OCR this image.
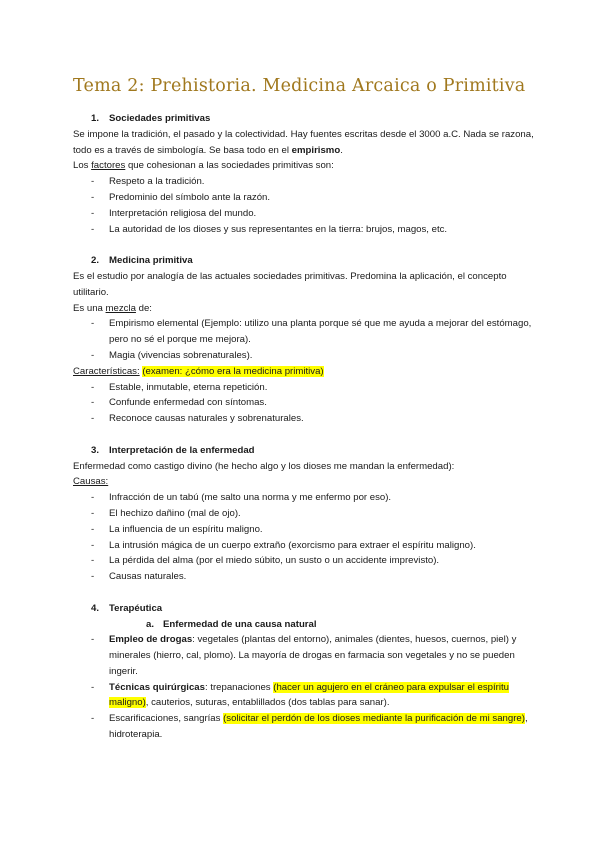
Tema 2: Prehistoria. Medicina Arcaica o Primitiva
1. Sociedades primitivas

Se impone la tradición, el pasado y la colectividad. Hay fuentes escritas desde el 3000 a.C. Nada se razona, todo es a través de simbología. Se basa todo en el empirismo.

Los factores que cohesionan a las sociedades primitivas son:

- Respeto a la tradición.
- Predominio del símbolo ante la razón.
- Interpretación religiosa del mundo.
- La autoridad de los dioses y sus representantes en la tierra: brujos, magos, etc.
2. Medicina primitiva

Es el estudio por analogía de las actuales sociedades primitivas. Predomina la aplicación, el concepto utilitario.

Es una mezcla de:

- Empirismo elemental (Ejemplo: utilizo una planta porque sé que me ayuda a mejorar del estómago, pero no sé el porque me mejora).
- Magia (vivencias sobrenaturales).

Características: (examen: ¿cómo era la medicina primitiva)

- Estable, inmutable, eterna repetición.
- Confunde enfermedad con síntomas.
- Reconoce causas naturales y sobrenaturales.
3. Interpretación de la enfermedad

Enfermedad como castigo divino (he hecho algo y los dioses me mandan la enfermedad):

Causas:

- Infracción de un tabú (me salto una norma y me enfermo por eso).
- El hechizo dañino (mal de ojo).
- La influencia de un espíritu maligno.
- La intrusión mágica de un cuerpo extraño (exorcismo para extraer el espíritu maligno).
- La pérdida del alma (por el miedo súbito, un susto o un accidente imprevisto).
- Causas naturales.
4. Terapéutica
a. Enfermedad de una causa natural
- Empleo de drogas: vegetales (plantas del entorno), animales (dientes, huesos, cuernos, piel) y minerales (hierro, cal, plomo). La mayoría de drogas en farmacia son vegetales y no se pueden ingerir.
- Técnicas quirúrgicas: trepanaciones (hacer un agujero en el cráneo para expulsar el espíritu maligno), cauterios, suturas, entablillados (dos tablas para sanar).
- Escarificaciones, sangrías (solicitar el perdón de los dioses mediante la purificación de mi sangre), hidroterapia.
